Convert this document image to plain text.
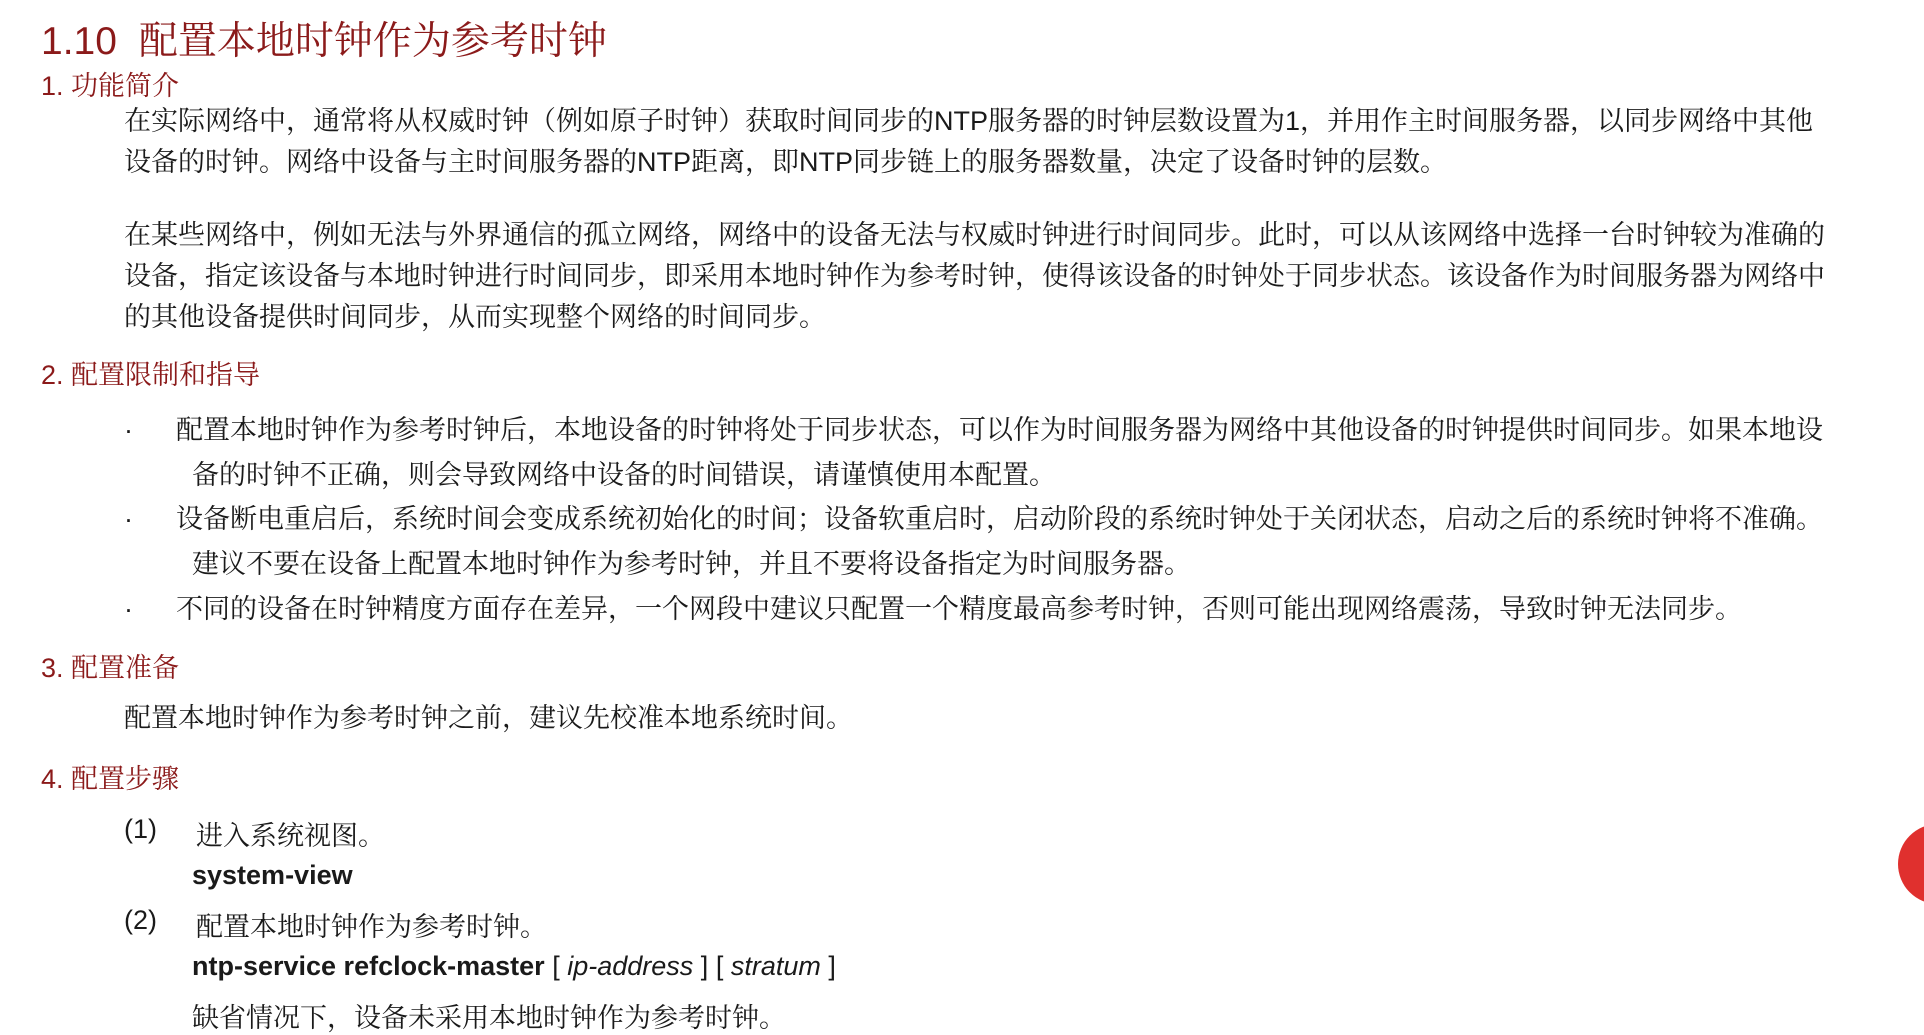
1.10 配置本地时钟作为参考时钟
1. 功能简介
在实际网络中，通常将从权威时钟（例如原子时钟）获取时间同步的NTP服务器的时钟层数设置为1，并用作主时间服务器，以同步网络中其他
设备的时钟。网络中设备与主时间服务器的NTP距离，即NTP同步链上的服务器数量，决定了设备时钟的层数。
在某些网络中，例如无法与外界通信的孤立网络，网络中的设备无法与权威时钟进行时间同步。此时，可以从该网络中选择一台时钟较为准确的
设备，指定该设备与本地时钟进行时间同步，即采用本地时钟作为参考时钟，使得该设备的时钟处于同步状态。该设备作为时间服务器为网络中
的其他设备提供时间同步，从而实现整个网络的时间同步。
2. 配置限制和指导
· 配置本地时钟作为参考时钟后，本地设备的时钟将处于同步状态，可以作为时间服务器为网络中其他设备的时钟提供时间同步。如果本地设
备的时钟不正确，则会导致网络中设备的时间错误，请谨慎使用本配置。
· 设备断电重启后，系统时间会变成系统初始化的时间；设备软重启时，启动阶段的系统时钟处于关闭状态，启动之后的系统时钟将不准确。
建议不要在设备上配置本地时钟作为参考时钟，并且不要将设备指定为时间服务器。
· 不同的设备在时钟精度方面存在差异，一个网段中建议只配置一个精度最高参考时钟，否则可能出现网络震荡，导致时钟无法同步。
3. 配置准备
配置本地时钟作为参考时钟之前，建议先校准本地系统时间。
4. 配置步骤
(1) 进入系统视图。
system-view
(2) 配置本地时钟作为参考时钟。
ntp-service refclock-master [ ip-address ] [ stratum ]
缺省情况下，设备未采用本地时钟作为参考时钟。
